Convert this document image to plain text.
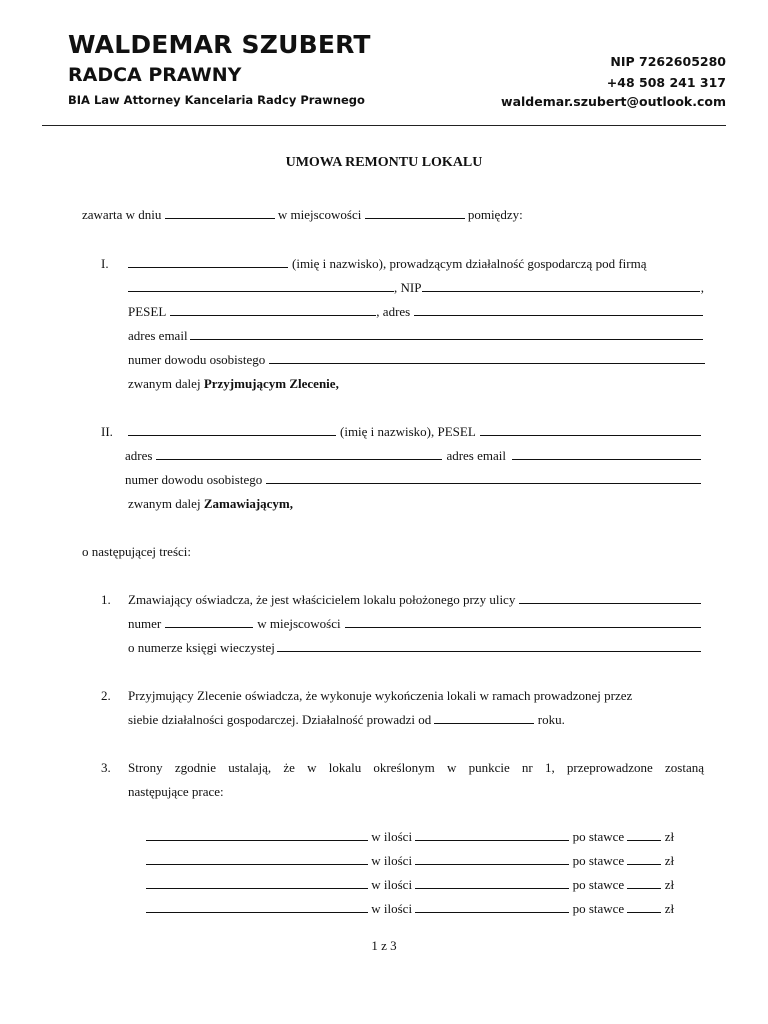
WALDEMAR SZUBERT
RADCA PRAWNY
BIA Law Attorney Kancelaria Radcy Prawnego
NIP 7262605280
+48 508 241 317
waldemar.szubert@outlook.com
UMOWA REMONTU LOKALU
zawarta w dniu	w miejscowości	pomiędzy:
I.	(imię i nazwisko), prowadzącym działalność gospodarczą pod firmą
, NIP	,
PESEL	, adres
adres email
numer dowodu osobistego
zwanym dalej Przyjmującym Zlecenie,
II.	(imię i nazwisko), PESEL
adres	adres email
numer dowodu osobistego
zwanym dalej Zamawiającym,
o następującej treści:
1. Zmawiający oświadcza, że jest właścicielem lokalu położonego przy ulicy
numer	w miejscowości
o numerze księgi wieczystej
2. Przyjmujący Zlecenie oświadcza, że wykonuje wykończenia lokali w ramach prowadzonej przez
siebie działalności gospodarczej. Działalność prowadzi od	roku.
3. Strony zgodnie ustalają, że w lokalu określonym w punkcie nr 1, przeprowadzone zostaną
następujące prace:
w ilości	po stawce	zł
w ilości	po stawce	zł
w ilości	po stawce	zł
w ilości	po stawce	zł
1 z 3
